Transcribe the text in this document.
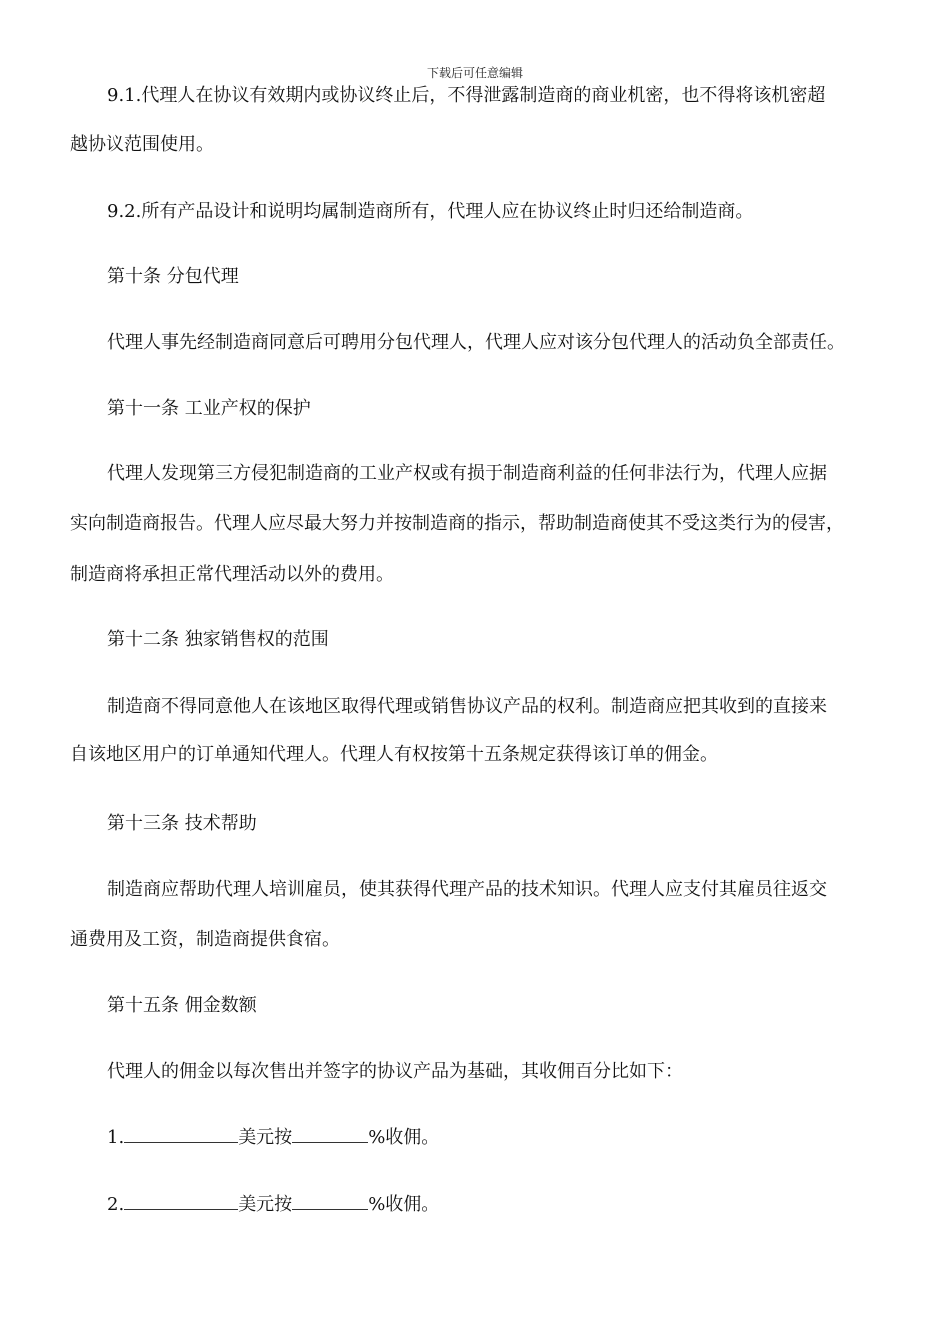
下载后可任意编辑
9.1.代理人在协议有效期内或协议终止后，不得泄露制造商的商业机密，也不得将该机密超
越协议范围使用。
9.2.所有产品设计和说明均属制造商所有，代理人应在协议终止时归还给制造商。
第十条 分包代理
代理人事先经制造商同意后可聘用分包代理人，代理人应对该分包代理人的活动负全部责任。
第十一条 工业产权的保护
代理人发现第三方侵犯制造商的工业产权或有损于制造商利益的任何非法行为，代理人应据
实向制造商报告。代理人应尽最大努力并按制造商的指示，帮助制造商使其不受这类行为的侵害，
制造商将承担正常代理活动以外的费用。
第十二条 独家销售权的范围
制造商不得同意他人在该地区取得代理或销售协议产品的权利。制造商应把其收到的直接来
自该地区用户的订单通知代理人。代理人有权按第十五条规定获得该订单的佣金。
第十三条 技术帮助
制造商应帮助代理人培训雇员，使其获得代理产品的技术知识。代理人应支付其雇员往返交
通费用及工资，制造商提供食宿。
第十五条 佣金数额
代理人的佣金以每次售出并签字的协议产品为基础，其收佣百分比如下：
1.	美元按	%收佣。
2.	美元按	%收佣。
